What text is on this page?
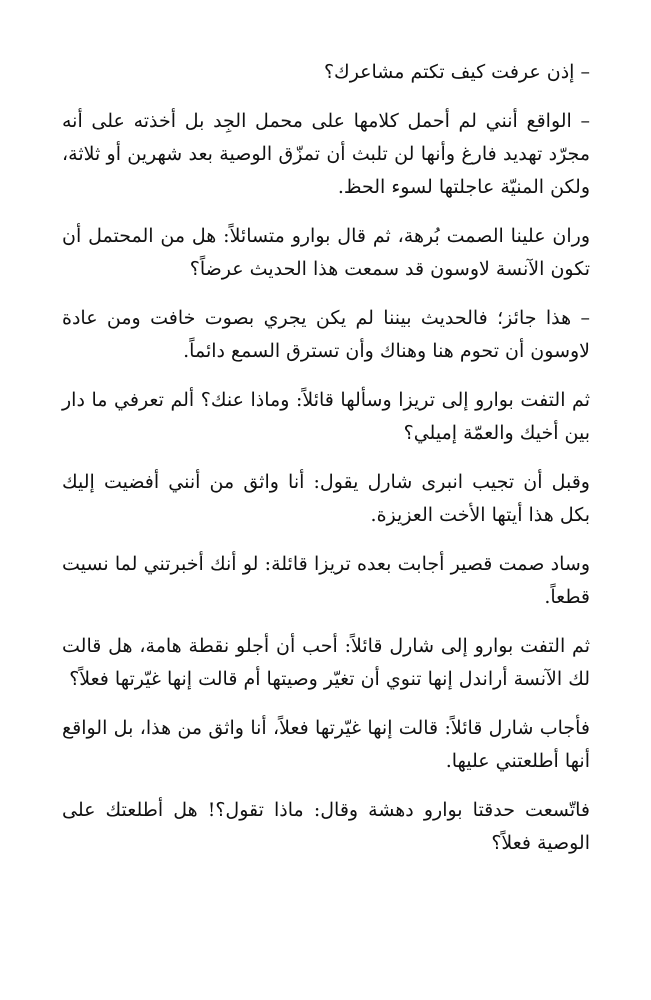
– إذن عرفت كيف تكتم مشاعرك؟

– الواقع أنني لم أحمل كلامها على محمل الجِد بل أخذته على أنه مجرّد تهديد فارغ وأنها لن تلبث أن تمزّق الوصية بعد شهرين أو ثلاثة، ولكن المنيّة عاجلتها لسوء الحظ.

وران علينا الصمت بُرهة، ثم قال بوارو متسائلاً: هل من المحتمل أن تكون الآنسة لاوسون قد سمعت هذا الحديث عرضاً؟

– هذا جائز؛ فالحديث بيننا لم يكن يجري بصوت خافت ومن عادة لاوسون أن تحوم هنا وهناك وأن تسترق السمع دائماً.

ثم التفت بوارو إلى تريزا وسألها قائلاً: وماذا عنك؟ ألم تعرفي ما دار بين أخيك والعمّة إميلي؟

وقبل أن تجيب انبرى شارل يقول: أنا واثق من أنني أفضيت إليك بكل هذا أيتها الأخت العزيزة.

وساد صمت قصير أجابت بعده تريزا قائلة: لو أنك أخبرتني لما نسيت قطعاً.

ثم التفت بوارو إلى شارل قائلاً: أحب أن أجلو نقطة هامة، هل قالت لك الآنسة أراندل إنها تنوي أن تغيّر وصيتها أم قالت إنها غيّرتها فعلاً؟

فأجاب شارل قائلاً: قالت إنها غيّرتها فعلاً، أنا واثق من هذا، بل الواقع أنها أطلعتني عليها.

فاتّسعت حدقتا بوارو دهشة وقال: ماذا تقول؟! هل أطلعتك على الوصية فعلاً؟
